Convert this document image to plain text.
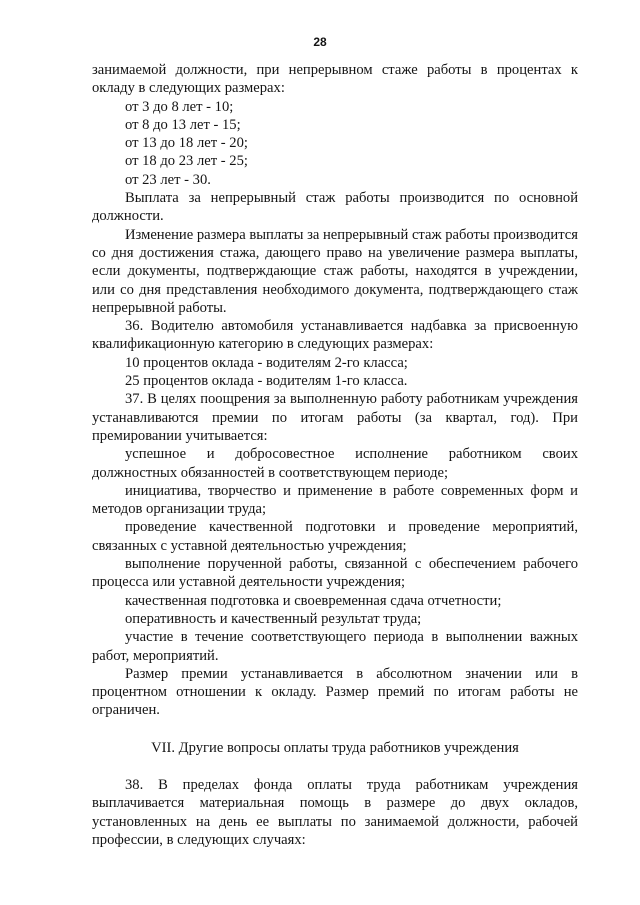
28

занимаемой должности, при непрерывном стаже работы в процентах к окладу в следующих размерах:

от 3 до 8 лет - 10;

от 8 до 13 лет - 15;

от 13 до 18 лет - 20;

от 18 до 23 лет - 25;

от 23 лет - 30.

Выплата за непрерывный стаж работы производится по основной должности.

Изменение размера выплаты за непрерывный стаж работы производится со дня достижения стажа, дающего право на увеличение размера выплаты, если документы, подтверждающие стаж работы, находятся в учреждении, или со дня представления необходимого документа, подтверждающего стаж непрерывной работы.

36. Водителю автомобиля устанавливается надбавка за присвоенную квалификационную категорию в следующих размерах:

10 процентов оклада - водителям 2-го класса;

25 процентов оклада - водителям 1-го класса.

37. В целях поощрения за выполненную работу работникам учреждения устанавливаются премии по итогам работы (за квартал, год). При премировании учитывается:

успешное и добросовестное исполнение работником своих должностных обязанностей в соответствующем периоде;

инициатива, творчество и применение в работе современных форм и методов организации труда;

проведение качественной подготовки и проведение мероприятий, связанных с уставной деятельностью учреждения;

выполнение порученной работы, связанной с обеспечением рабочего процесса или уставной деятельности учреждения;

качественная подготовка и своевременная сдача отчетности;

оперативность и качественный результат труда;

участие в течение соответствующего периода в выполнении важных работ, мероприятий.

Размер премии устанавливается в абсолютном значении или в процентном отношении к окладу. Размер премий по итогам работы не ограничен.

VII. Другие вопросы оплаты труда работников учреждения

38. В пределах фонда оплаты труда работникам учреждения выплачивается материальная помощь в размере до двух окладов, установленных на день ее выплаты по занимаемой должности, рабочей профессии, в следующих случаях:
